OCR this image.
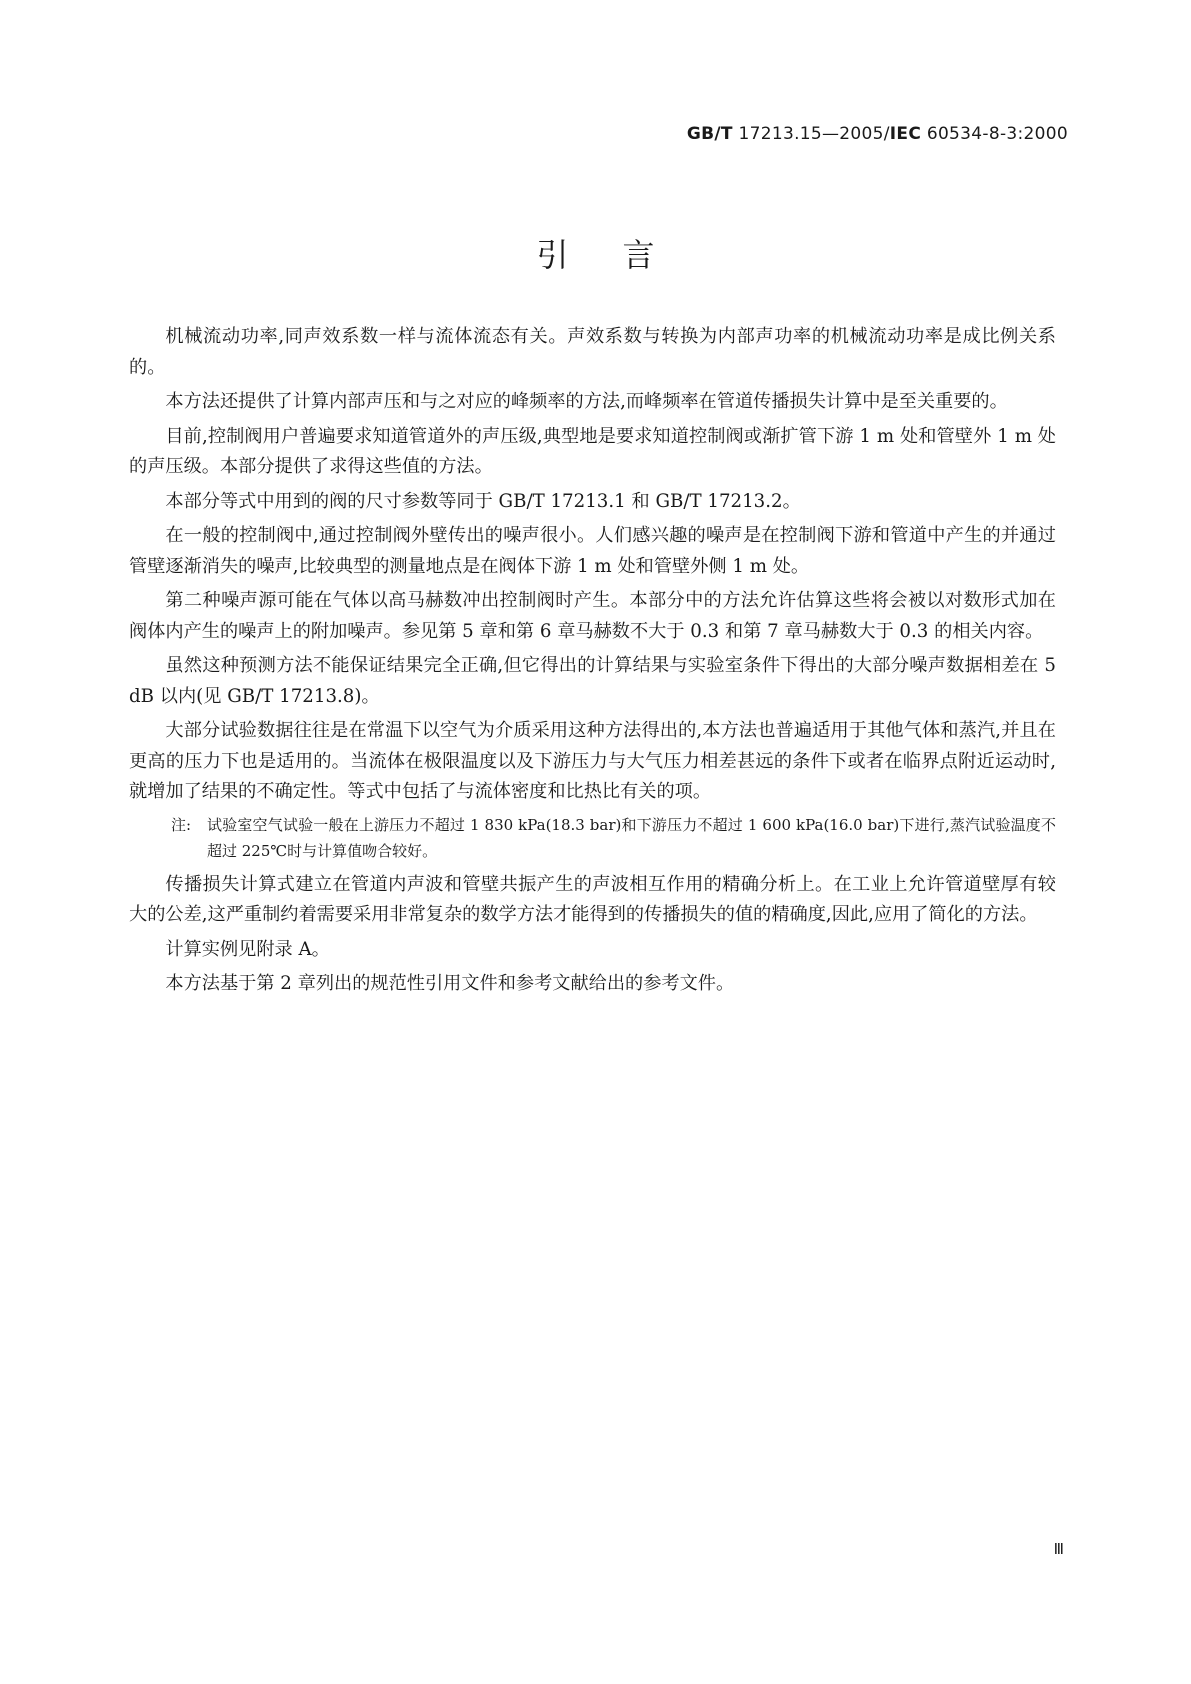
GB/T 17213.15—2005/IEC 60534-8-3:2000
引言

机械流动功率,同声效系数一样与流体流态有关。声效系数与转换为内部声功率的机械流动功率是成比例关系的。

本方法还提供了计算内部声压和与之对应的峰频率的方法,而峰频率在管道传播损失计算中是至关重要的。

目前,控制阀用户普遍要求知道管道外的声压级,典型地是要求知道控制阀或渐扩管下游 1 m 处和管壁外 1 m 处的声压级。本部分提供了求得这些值的方法。

本部分等式中用到的阀的尺寸参数等同于 GB/T 17213.1 和 GB/T 17213.2。

在一般的控制阀中,通过控制阀外壁传出的噪声很小。人们感兴趣的噪声是在控制阀下游和管道中产生的并通过管壁逐渐消失的噪声,比较典型的测量地点是在阀体下游 1 m 处和管壁外侧 1 m 处。

第二种噪声源可能在气体以高马赫数冲出控制阀时产生。本部分中的方法允许估算这些将会被以对数形式加在阀体内产生的噪声上的附加噪声。参见第 5 章和第 6 章马赫数不大于 0.3 和第 7 章马赫数大于 0.3 的相关内容。

虽然这种预测方法不能保证结果完全正确,但它得出的计算结果与实验室条件下得出的大部分噪声数据相差在 5 dB 以内(见 GB/T 17213.8)。

大部分试验数据往往是在常温下以空气为介质采用这种方法得出的,本方法也普遍适用于其他气体和蒸汽,并且在更高的压力下也是适用的。当流体在极限温度以及下游压力与大气压力相差甚远的条件下或者在临界点附近运动时,就增加了结果的不确定性。等式中包括了与流体密度和比热比有关的项。

注:	试验室空气试验一般在上游压力不超过 1 830 kPa(18.3 bar)和下游压力不超过 1 600 kPa(16.0 bar)下进行,蒸汽试验温度不超过 225℃时与计算值吻合较好。

传播损失计算式建立在管道内声波和管壁共振产生的声波相互作用的精确分析上。在工业上允许管道壁厚有较大的公差,这严重制约着需要采用非常复杂的数学方法才能得到的传播损失的值的精确度,因此,应用了简化的方法。

计算实例见附录 A。

本方法基于第 2 章列出的规范性引用文件和参考文献给出的参考文件。

Ⅲ
